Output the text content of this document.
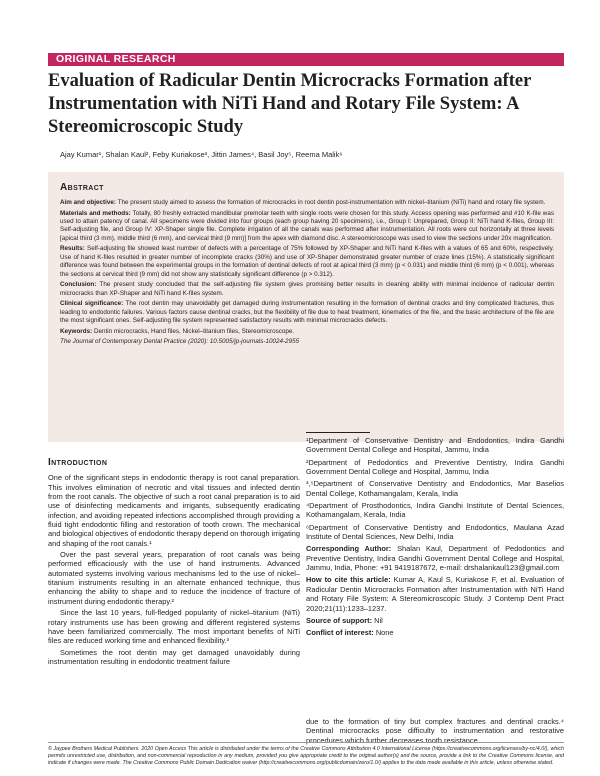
ORIGINAL RESEARCH
Evaluation of Radicular Dentin Microcracks Formation after Instrumentation with NiTi Hand and Rotary File System: A Stereomicroscopic Study
Ajay Kumar¹, Shalan Kaul², Feby Kuriakose³, Jittin James⁴, Basil Joy⁵, Reema Malik⁶
Abstract

Aim and objective: The present study aimed to assess the formation of microcracks in root dentin post-instrumentation with nickel–titanium (NiTi) hand and rotary file system.

Materials and methods: Totally, 80 freshly extracted mandibular premolar teeth with single roots were chosen for this study. Access opening was performed and #10 K-file was used to attain patency of canal. All specimens were divided into four groups (each group having 20 specimens), i.e., Group I: Unprepared, Group II: NiTi hand K-files, Group III: Self-adjusting file, and Group IV: XP-Shaper single file. Complete irrigation of all the canals was performed after instrumentation. All roots were cut horizontally at three levels [apical third (3 mm), middle third (6 mm), and cervical third (9 mm)] from the apex with diamond disc. A stereomicroscope was used to view the sections under 20x magnification.

Results: Self-adjusting file showed least number of defects with a percentage of 75% followed by XP-Shaper and NiTi hand K-files with a values of 65 and 60%, respectively. Use of hand K-files resulted in greater number of incomplete cracks (30%) and use of XP-Shaper demonstrated greater number of craze lines (15%). A statistically significant difference was found between the experimental groups in the formation of dentinal defects of root at apical third (3 mm) (p < 0.031) and middle third (6 mm) (p < 0.001), whereas the sections at cervical third (9 mm) did not show any statistically significant difference (p > 0.312).

Conclusion: The present study concluded that the self-adjusting file system gives promising better results in cleaning ability with minimal incidence of radicular dentin microcracks than XP-Shaper and NiTi hand K-files system.

Clinical significance: The root dentin may unavoidably get damaged during instrumentation resulting in the formation of dentinal cracks and tiny complicated fractures, thus leading to endodontic failures. Various factors cause dentinal cracks, but the flexibility of file due to heat treatment, kinematics of the file, and the basic architecture of the file are the most significant ones. Self-adjusting file system represented satisfactory results with minimal microcracks defects.

Keywords: Dentin microcracks, Hand files, Nickel–titanium files, Stereomicroscope.

The Journal of Contemporary Dental Practice (2020): 10.5005/jp-journals-10024-2955

Introduction

One of the significant steps in endodontic therapy is root canal preparation. This involves elimination of necrotic and vital tissues and infected dentin from the root canals. The objective of such a root canal preparation is to aid use of disinfecting medicaments and irrigants, subsequently eradicating infection, and avoiding repeated infections accomplished through providing a fluid tight endodontic filling and restoration of tooth crown. The mechanical and biological objectives of endodontic therapy depend on thorough irrigating and shaping of the root canals.¹

Over the past several years, preparation of root canals was being performed efficaciously with the use of hand instruments. Advanced automated systems involving various mechanisms led to the use of nickel–titanium instruments resulting in an alternate enhanced technique, thus enhancing the ability to shape and to reduce the incidence of fracture of instrument during endodontic therapy.²

Since the last 10 years, full-fledged popularity of nickel–titanium (NiTi) rotary instruments use has been growing and different registered systems have been familiarized commercially. The most important benefits of NiTi files are reduced working time and enhanced flexibility.³

Sometimes the root dentin may get damaged unavoidably during instrumentation resulting in endodontic treatment failure

¹Department of Conservative Dentistry and Endodontics, Indira Gandhi Government Dental College and Hospital, Jammu, India

²Department of Pedodontics and Preventive Dentistry, Indira Gandhi Government Dental College and Hospital, Jammu, India

³,⁵Department of Conservative Dentistry and Endodontics, Mar Baselios Dental College, Kothamangalam, Kerala, India

⁴Department of Prosthodontics, Indira Gandhi Institute of Dental Sciences, Kothamangalam, Kerala, India

⁶Department of Conservative Dentistry and Endodontics, Maulana Azad Institute of Dental Sciences, New Delhi, India

Corresponding Author: Shalan Kaul, Department of Pedodontics and Preventive Dentistry, Indira Gandhi Government Dental College and Hospital, Jammu, India, Phone: +91 9419187672, e-mail: drshalankaul123@gmail.com

How to cite this article: Kumar A, Kaul S, Kuriakose F, et al. Evaluation of Radicular Dentin Microcracks Formation after Instrumentation with NiTi Hand and Rotary File System: A Stereomicroscopic Study. J Contemp Dent Pract 2020;21(11):1233–1237.

Source of support: Nil

Conflict of interest: None

due to the formation of tiny but complex fractures and dentinal cracks.⁴ Dentinal microcracks pose difficulty to instrumentation and restorative procedures which further decreases tooth resistance
© Jaypee Brothers Medical Publishers. 2020 Open Access This article is distributed under the terms of the Creative Commons Attribution 4.0 International License (https://creativecommons.org/licenses/by-nc/4.0/), which permits unrestricted use, distribution, and non-commercial reproduction in any medium, provided you give appropriate credit to the original author(s) and the source, provide a link to the Creative Commons license, and indicate if changes were made. The Creative Commons Public Domain Dedication waiver (http://creativecommons.org/publicdomain/zero/1.0/) applies to the data made available in this article, unless otherwise stated.
